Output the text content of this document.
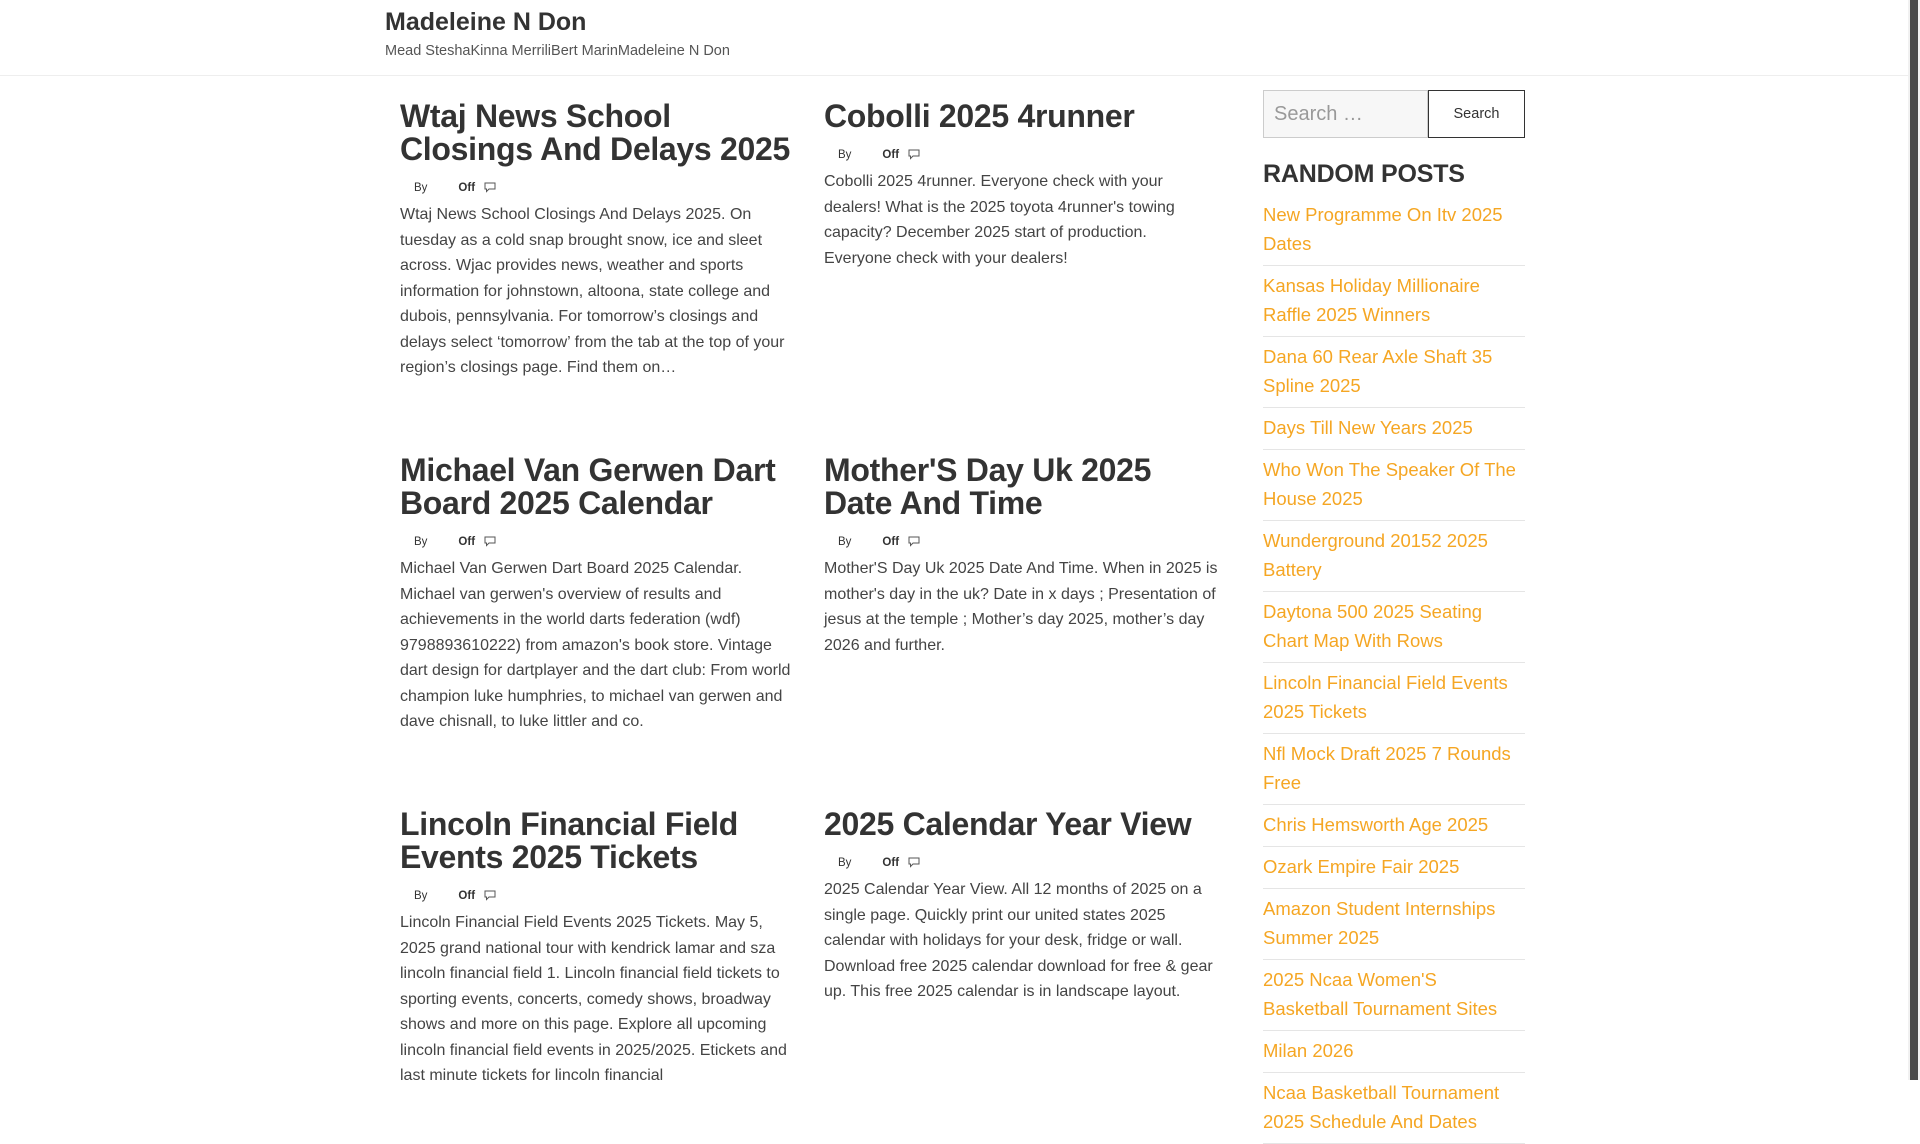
Madeleine N Don

Mead SteshaKinna MerriliBert MarinMadeleine N Don

Wtaj News School Closings And Delays 2025
By	Off

Wtaj News School Closings And Delays 2025. On tuesday as a cold snap brought snow, ice and sleet across. Wjac provides news, weather and sports information for johnstown, altoona, state college and dubois, pennsylvania. For tomorrow’s closings and delays select ‘tomorrow’ from the tab at the top of your region’s closings page. Find them on…

Cobolli 2025 4runner
By	Off

Cobolli 2025 4runner. Everyone check with your dealers! What is the 2025 toyota 4runner's towing capacity? December 2025 start of production. Everyone check with your dealers!

Michael Van Gerwen Dart Board 2025 Calendar
By	Off

Michael Van Gerwen Dart Board 2025 Calendar. Michael van gerwen's overview of results and achievements in the world darts federation (wdf) 9798893610222) from amazon's book store. Vintage dart design for dartplayer and the dart club: From world champion luke humphries, to michael van gerwen and dave chisnall, to luke littler and co.

Mother'S Day Uk 2025 Date And Time
By	Off

Mother'S Day Uk 2025 Date And Time. When in 2025 is mother's day in the uk? Date in x days ; Presentation of jesus at the temple ; Mother’s day 2025, mother’s day 2026 and further.

Lincoln Financial Field Events 2025 Tickets
By	Off

Lincoln Financial Field Events 2025 Tickets. May 5, 2025 grand national tour with kendrick lamar and sza lincoln financial field 1. Lincoln financial field tickets to sporting events, concerts, comedy shows, broadway shows and more on this page. Explore all upcoming lincoln financial field events in 2025/2025. Etickets and last minute tickets for lincoln financial

2025 Calendar Year View
By	Off

2025 Calendar Year View. All 12 months of 2025 on a single page. Quickly print our united states 2025 calendar with holidays for your desk, fridge or wall. Download free 2025 calendar download for free & gear up. This free 2025 calendar is in landscape layout.

Search …
Search
RANDOM POSTS
New Programme On Itv 2025 Dates
Kansas Holiday Millionaire Raffle 2025 Winners
Dana 60 Rear Axle Shaft 35 Spline 2025
Days Till New Years 2025
Who Won The Speaker Of The House 2025
Wunderground 20152 2025 Battery
Daytona 500 2025 Seating Chart Map With Rows
Lincoln Financial Field Events 2025 Tickets
Nfl Mock Draft 2025 7 Rounds Free
Chris Hemsworth Age 2025
Ozark Empire Fair 2025
Amazon Student Internships Summer 2025
2025 Ncaa Women'S Basketball Tournament Sites
Milan 2026
Ncaa Basketball Tournament 2025 Schedule And Dates
